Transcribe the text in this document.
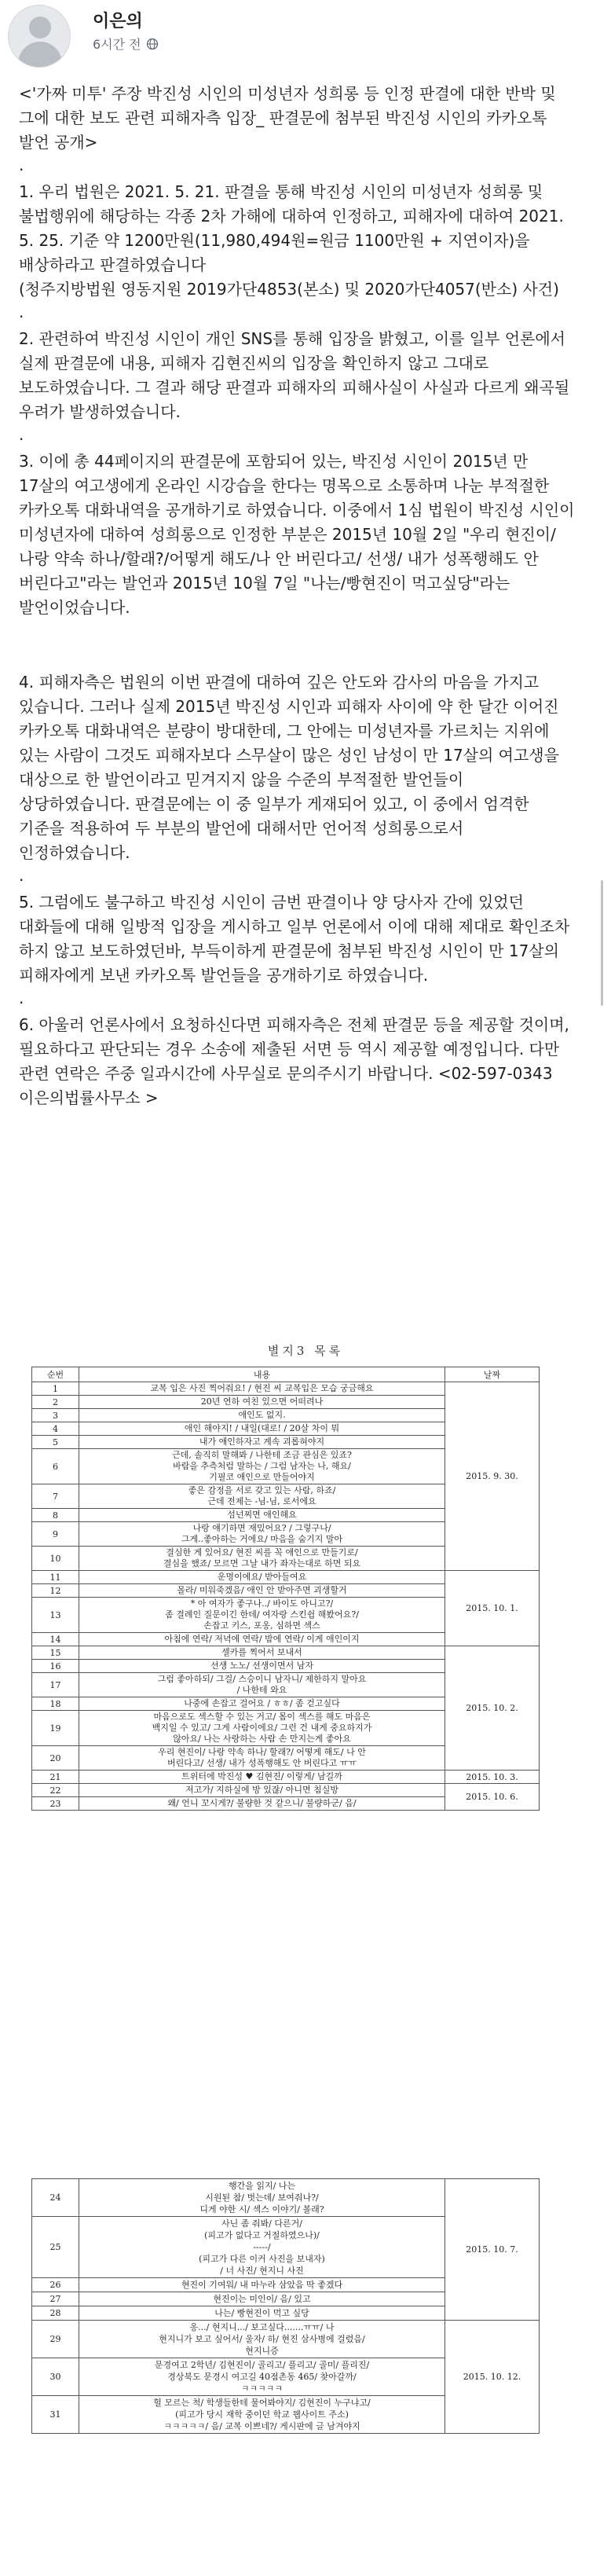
이은의
6시간 전

<'가짜 미투' 주장 박진성 시인의 미성년자 성희롱 등 인정 판결에 대한 반박 및 그에 대한 보도 관련 피해자측 입장_ 판결문에 첨부된 박진성 시인의 카카오톡 발언 공개>

.

1. 우리 법원은 2021. 5. 21. 판결을 통해 박진성 시인의 미성년자 성희롱 및 불법행위에 해당하는 각종 2차 가해에 대하여 인정하고, 피해자에 대하여 2021. 5. 25. 기준 약 1200만원(11,980,494원=원금 1100만원 + 지연이자)을 배상하라고 판결하였습니다
(청주지방법원 영동지원 2019가단4853(본소) 및 2020가단4057(반소) 사건)

.

2. 관련하여 박진성 시인이 개인 SNS를 통해 입장을 밝혔고, 이를 일부 언론에서 실제 판결문에 내용, 피해자 김현진씨의 입장을 확인하지 않고 그대로 보도하였습니다. 그 결과 해당 판결과 피해자의 피해사실이 사실과 다르게 왜곡될 우려가 발생하였습니다.

.

3. 이에 총 44페이지의 판결문에 포함되어 있는, 박진성 시인이 2015년 만 17살의 여고생에게 온라인 시강습을 한다는 명목으로 소통하며 나눈 부적절한 카카오톡 대화내역을 공개하기로 하였습니다. 이중에서 1심 법원이 박진성 시인이 미성년자에 대하여 성희롱으로 인정한 부분은 2015년 10월 2일 "우리 현진이/나랑 약속 하나/할래?/어떻게 해도/나 안 버린다고/ 선생/ 내가 성폭행해도 안 버린다고"라는 발언과 2015년 10월 7일 "나는/빵현진이 먹고싶당"라는 발언이었습니다.

4. 피해자측은 법원의 이번 판결에 대하여 깊은 안도와 감사의 마음을 가지고 있습니다. 그러나 실제 2015년 박진성 시인과 피해자 사이에 약 한 달간 이어진 카카오톡 대화내역은 분량이 방대한데, 그 안에는 미성년자를 가르치는 지위에 있는 사람이 그것도 피해자보다 스무살이 많은 성인 남성이 만 17살의 여고생을 대상으로 한 발언이라고 믿겨지지 않을 수준의 부적절한 발언들이 상당하였습니다. 판결문에는 이 중 일부가 게재되어 있고, 이 중에서 엄격한 기준을 적용하여 두 부분의 발언에 대해서만 언어적 성희롱으로서 인정하였습니다.

.

5. 그럼에도 불구하고 박진성 시인이 금번 판결이나 양 당사자 간에 있었던 대화들에 대해 일방적 입장을 게시하고 일부 언론에서 이에 대해 제대로 확인조차 하지 않고 보도하였던바, 부득이하게 판결문에 첨부된 박진성 시인이 만 17살의 피해자에게 보낸 카카오톡 발언들을 공개하기로 하였습니다.

.

6. 아울러 언론사에서 요청하신다면 피해자측은 전체 판결문 등을 제공할 것이며, 필요하다고 판단되는 경우 소송에 제출된 서면 등 역시 제공할 예정입니다. 다만 관련 연락은 주중 일과시간에 사무실로 문의주시기 바랍니다. <02-597-0343 이은의법률사무소 >

별지3 목록
순번	내용	날짜
1	교복 입은 사진 찍어줘요! / 현진 씨 교복입은 모습 궁금해요	2015. 9. 30.
2	20년 연하 여친 있으면 어떠려나	
3	애인도 없지.	
4	애인 해야지! / 내일(대로! / 20살 차이 뭐	
5	내가 애인하자고 계속 괴롭혀야지	
6	근데, 솔직히 말해봐 / 나한테 조금 관심은 있죠?
바람을 추측처럼 말하는 / 그럼 남자는 나, 해요/
기필코 애인으로 만들어야지	
7	좋은 감정을 서로 갖고 있는 사람, 하죠/
근데 전제는 -님-님, 로서에요	
8	섬넌찌면 애인해요	
9	나랑 얘기하면 재밌어요? / 그렇구나/
그게..좋아하는 거에요/ 마음을 숨기지 말아	
10	결심한 게 있어요/ 현진 씨를 꼭 애인으로 만들기로/
결심을 했죠/ 모르면 그날 내가 좌자는대로 하면 되요	
11	운명이에요/ 받아들여요	2015. 10. 1.
12	몰라/ 미워죽겠음/ 애인 안 받아주면 괴생할거	
13	* 아 여자가 좋구나../ 바이도 아니고?/
좀 결례인 질문이긴 한데/ 여자랑 스킨쉽 해봤어요?/
손잡고 키스, 포옹, 심하면 섹스	
14	아침에 연락/ 저녁에 연락/ 밤에 연락/ 이게 애인이지	
15	셀카를 찍어서 보내서	2015. 10. 2.
16	선생 노노/ 선생이면서 남자	
17	그럼 좋아하되/ 그걸/ 스승이니 남자니/ 제한하지 말아요
/ 나한테 와요	
18	나중에 손잡고 걸어요 / ㅎㅎ/ 좀 걷고싶다	
19	마음으로도 섹스할 수 있는 거고/ 몸이 섹스를 해도 마음은
백지일 수 있고/ 그게 사람이에요/ 그런 건 내게 중요하지가
않아요/ 나는 사랑하는 사람 손 만지는게 좋아요	
20	우리 현진이/ 나랑 약속 하나/ 할래?/ 어떻게 해도/ 나 안
버린다고/ 선생/ 내가 성폭행해도 안 버린다고 ㅠㅠ	
21	트위터에 박진성 ♥ 김현진/ 이렇게/ 남길까	2015. 10. 3.
22	저고가/ 지하실에 방 있잖/ 아니면 침실방	2015. 10. 6.
23	왜/ 언니 꼬시게?/ 불량한 것 같으니/ 불량하군/ 음/	
24	행간을 읽지/ 나는
시원된 참/ 벗는데/ 보여줘나?/
디게 야한 시/ 섹스 이야기/ 볼래?	2015. 10. 7.
25	사닌 좀 줘봐/ 다른거/
(피고가 없다고 거절하였으나)/
-----/
(피고가 다른 이커 사진을 보내자)
/ 너 사진/ 현지니 사진	
26	현진이 기여워/ 내 마누라 삼았음 딱 좋겠다	
27	현진이는 미인이/ 음/ 있고	
28	나는/ 빵현진이 먹고 싶당	
29	옹.../ 현지니.../ 보고싶다.......ㅠㅠ/ 나
현지니가 보고 싶어서/ 울자/ 하/ 현진 삼사병에 걸렸음/
현지니증	2015. 10. 12.
30	문경여고 2학년/ 김현진이/ 골리고/ 플리고/ 골미/ 플리진/
경상북도 문경시 여고길 40점촌동 465/ 찾아갈까/
ㅋㅋㅋㅋㅋ	
31	헐 모르는 척/ 학생들한테 물어봐야지/ 김현진이 누구냐고/
(피고가 당시 재학 중이던 학교 웹사이트 주소)
ㅋㅋㅋㅋㅋ/ 음/ 교복 이쁘네?/ 게시판에 글 남겨야지	
